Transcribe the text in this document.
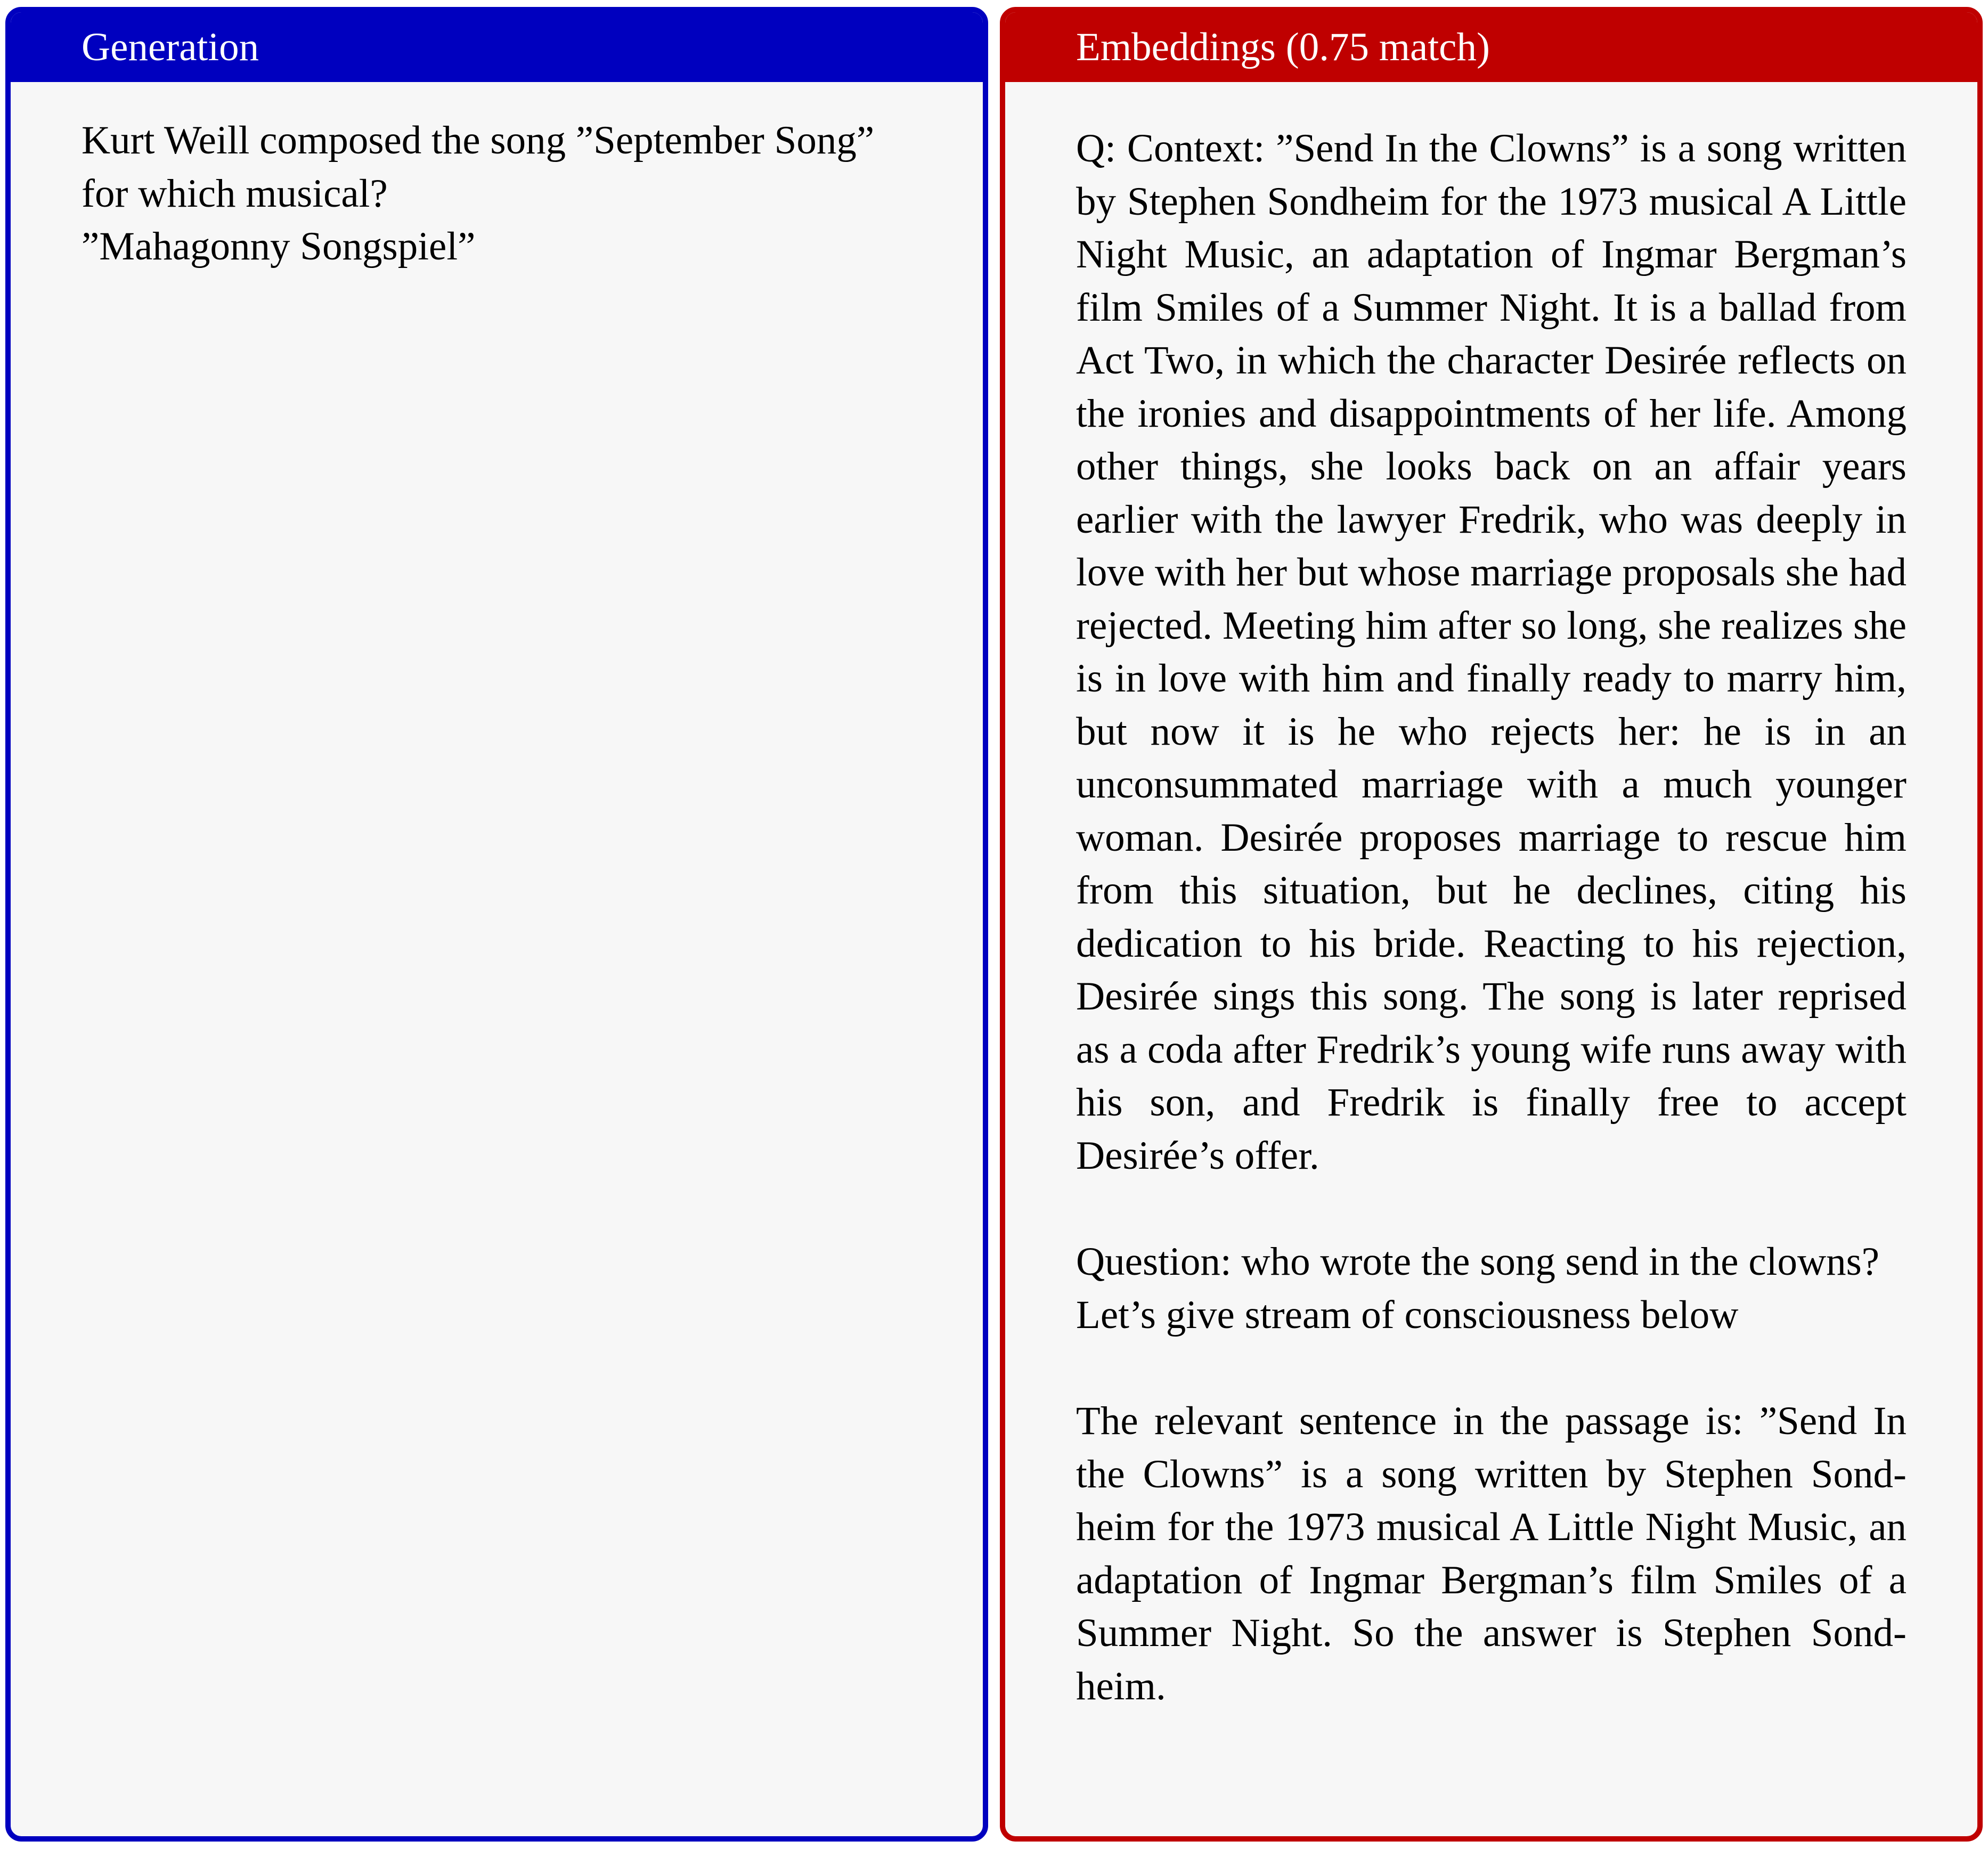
Generation

Kurt Weill composed the song ”September Song” for which musical?

”Mahagonny Songspiel”

Embeddings (0.75 match)

Q: Context: ”Send In the Clowns” is a song written by Stephen Sondheim for the 1973 musical A Little Night Music, an adaptation of Ingmar Bergman’s film Smiles of a Summer Night. It is a ballad from Act Two, in which the character Desirée reflects on the ironies and disappointments of her life. Among other things, she looks back on an affair years earlier with the lawyer Fredrik, who was deeply in love with her but whose marriage proposals she had rejected. Meeting him after so long, she realizes she is in love with him and finally ready to marry him, but now it is he who rejects her: he is in an unconsummated marriage with a much younger woman. Desirée proposes marriage to rescue him from this situation, but he declines, citing his dedication to his bride. Reacting to his rejection, Desirée sings this song. The song is later reprised as a coda after Fredrik’s young wife runs away with his son, and Fredrik is finally free to accept Desirée’s offer.

Question: who wrote the song send in the clowns?

Let’s give stream of consciousness below

The relevant sentence in the passage is: ”Send In the Clowns” is a song written by Stephen Sondheim for the 1973 musical A Little Night Music, an adaptation of Ingmar Bergman’s film Smiles of a Summer Night. So the answer is Stephen Sondheim.
